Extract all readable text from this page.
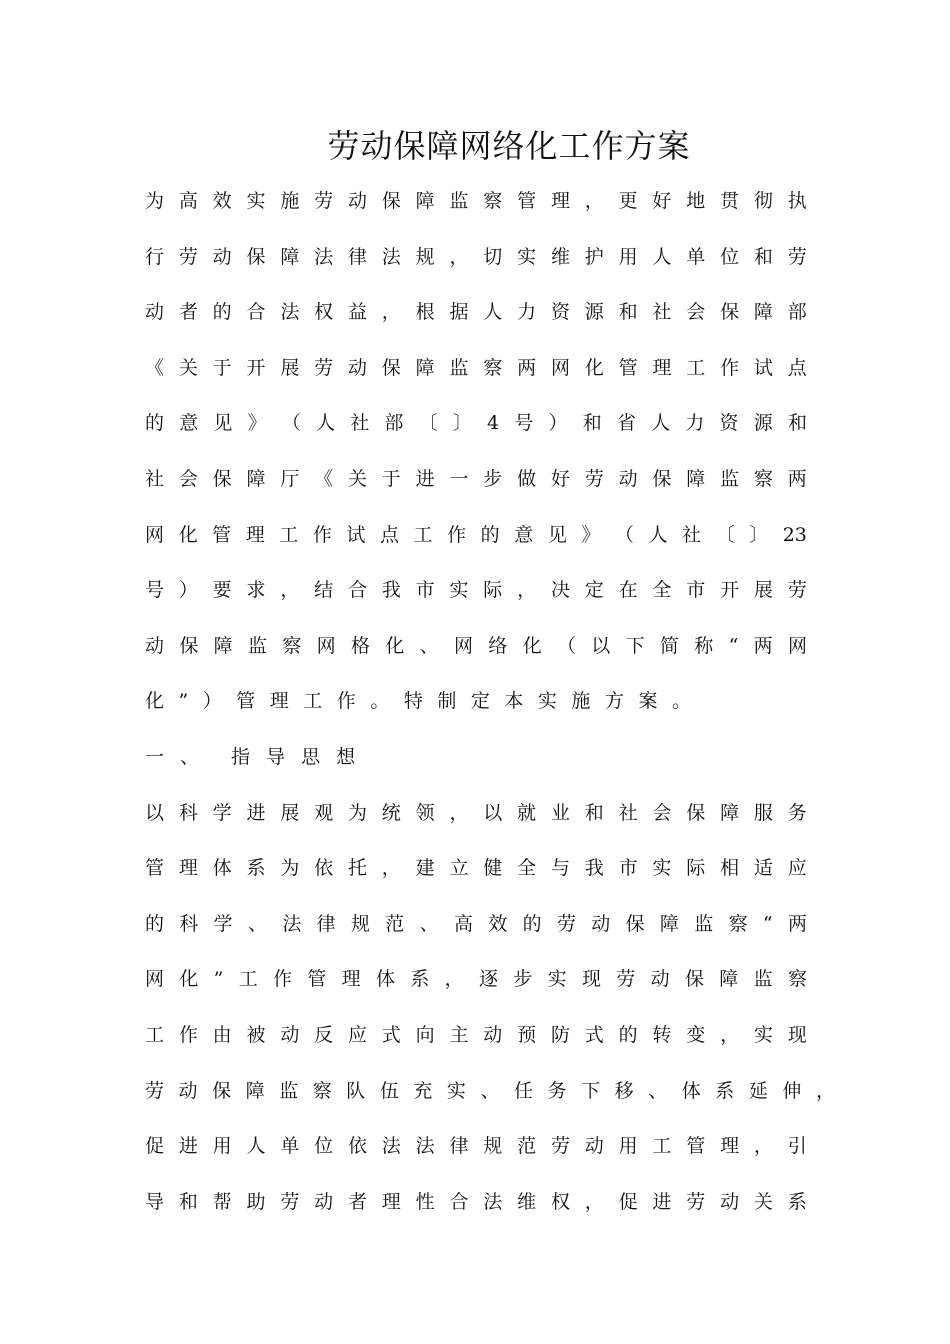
劳动保障网络化工作方案
为 高 效 实 施 劳 动 保 障 监 察 管 理 ， 更 好 地 贯 彻 执
行 劳 动 保 障 法 律 法 规 ， 切 实 维 护 用 人 单 位 和 劳
动 者 的 合 法 权 益 ， 根 据 人 力 资 源 和 社 会 保 障 部
《 关 于 开 展 劳 动 保 障 监 察 两 网 化 管 理 工 作 试 点
的 意 见 》 （ 人 社 部 〔 〕 4 号 ） 和 省 人 力 资 源 和
社 会 保 障 厅 《 关 于 进 一 步 做 好 劳 动 保 障 监 察 两
网 化 管 理 工 作 试 点 工 作 的 意 见 》 （ 人 社 〔 〕 23
号 ） 要 求 ， 结 合 我 市 实 际 ， 决 定 在 全 市 开 展 劳
动 保 障 监 察 网 格 化 、 网 络 化 （ 以 下 简 称 “ 两 网
化 ” ） 管 理 工 作 。 特 制 定 本 实 施 方 案 。
一 、 指 导 思 想
以 科 学 进 展 观 为 统 领 ， 以 就 业 和 社 会 保 障 服 务
管 理 体 系 为 依 托 ， 建 立 健 全 与 我 市 实 际 相 适 应
的 科 学 、 法 律 规 范 、 高 效 的 劳 动 保 障 监 察 “ 两
网 化 ” 工 作 管 理 体 系 ， 逐 步 实 现 劳 动 保 障 监 察
工 作 由 被 动 反 应 式 向 主 动 预 防 式 的 转 变 ， 实 现
劳 动 保 障 监 察 队 伍 充 实 、 任 务 下 移 、 体 系 延 伸 ，
促 进 用 人 单 位 依 法 法 律 规 范 劳 动 用 工 管 理 ， 引
导 和 帮 助 劳 动 者 理 性 合 法 维 权 ， 促 进 劳 动 关 系
